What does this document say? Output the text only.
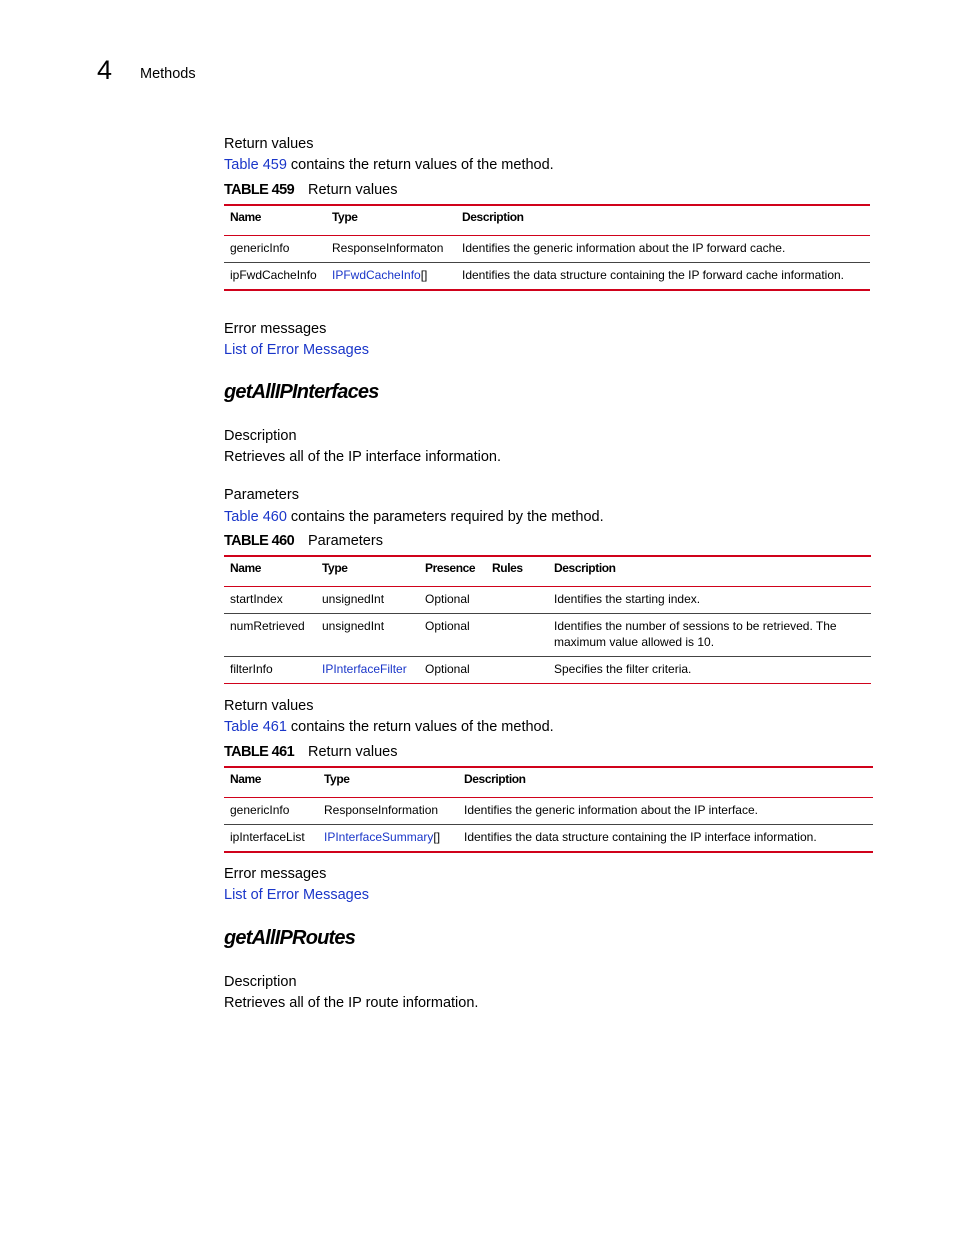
4 Methods
Return values
Table 459 contains the return values of the method.
TABLE 459 Return values
Name	Type	Description
genericInfo	ResponseInformaton	Identifies the generic information about the IP forward cache.
ipFwdCacheInfo	IPFwdCacheInfo[]	Identifies the data structure containing the IP forward cache information.
Error messages
List of Error Messages
getAllIPInterfaces
Description
Retrieves all of the IP interface information.
Parameters
Table 460 contains the parameters required by the method.
TABLE 460 Parameters
Name	Type	Presence	Rules	Description
startIndex	unsignedInt	Optional		Identifies the starting index.
numRetrieved	unsignedInt	Optional		Identifies the number of sessions to be retrieved. The maximum value allowed is 10.
filterInfo	IPInterfaceFilter	Optional		Specifies the filter criteria.
Return values
Table 461 contains the return values of the method.
TABLE 461 Return values
Name	Type	Description
genericInfo	ResponseInformation	Identifies the generic information about the IP interface.
ipInterfaceList	IPInterfaceSummary[]	Identifies the data structure containing the IP interface information.
Error messages
List of Error Messages
getAllIPRoutes
Description
Retrieves all of the IP route information.
